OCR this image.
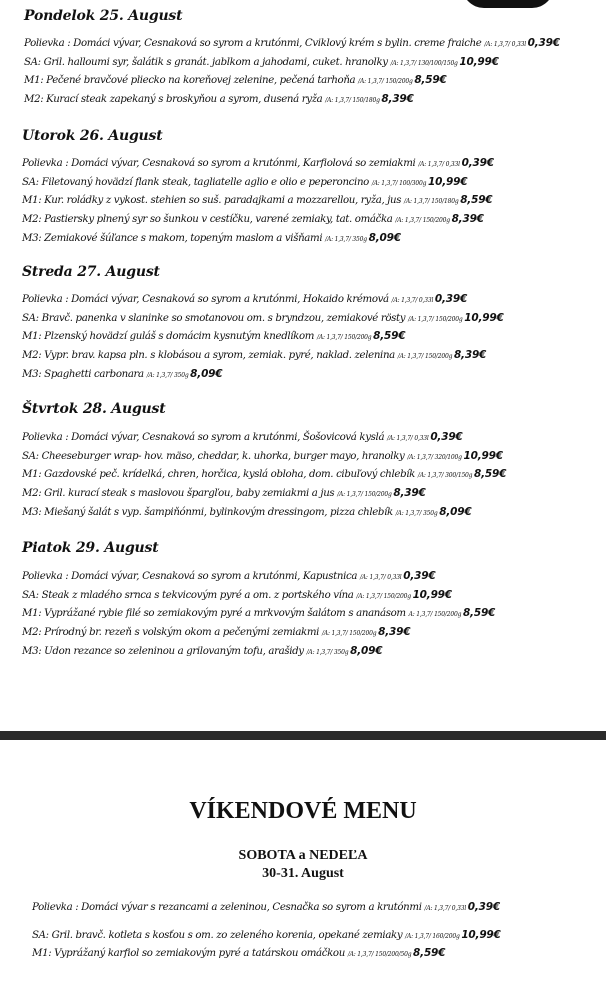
Pondelok 25. August
Polievka : Domáci vývar, Cesnaková so syrom a krutónmi, Cviklový krém s bylin. creme fraiche /A: 1,3,7/ 0,33l 0,39€
SA: Gril. halloumi syr, šalátik s granát. jablkom a jahodami, cuket. hranolky /A: 1,3,7/ 130/100/150g 10,99€
M1: Pečené bravčové pliecko na koreňovej zelenine, pečená tarhoňa /A: 1,3,7/ 150/200g 8,59€
M2: Kurací steak zapekaný s broskyňou a syrom, dusená ryža /A: 1,3,7/ 150/180g 8,39€
Utorok 26. August
Polievka : Domáci vývar, Cesnaková so syrom a krutónmi, Karfiolová so zemiakmi /A: 1,3,7/ 0,33l 0,39€
SA: Filetovaný hovädzí flank steak, tagliatelle aglio e olio e peperoncino /A: 1,3,7/ 100/300g 10,99€
M1: Kur. roládky z vykost. stehien so suš. paradajkami a mozzarellou, ryža, jus /A: 1,3,7/ 150/180g 8,59€
M2: Pastiersky plnený syr so šunkou v cestíčku, varené zemiaky, tat. omáčka /A: 1,3,7/ 150/200g 8,39€
M3: Zemiakové šúľance s makom, topeným maslom a višňami /A: 1,3,7/ 350g 8,09€
Streda 27. August
Polievka : Domáci vývar, Cesnaková so syrom a krutónmi, Hokaido krémová /A: 1,3,7/ 0,33l 0,39€
SA: Bravč. panenka v slaninke so smotanovou om. s bryndzou, zemiakové rösty /A: 1,3,7/ 150/200g 10,99€
M1: Plzenský hovädzí guláš s domácim kysnutým knedlíkom /A: 1,3,7/ 150/200g 8,59€
M2: Vypr. brav. kapsa pln. s klobásou a syrom, zemiak. pyré, naklad. zelenina /A: 1,3,7/ 150/200g 8,39€
M3: Spaghetti carbonara /A: 1,3,7/ 350g 8,09€
Štvrtok 28. August
Polievka : Domáci vývar, Cesnaková so syrom a krutónmi, Šošovicová kyslá /A: 1,3,7/ 0,33l 0,39€
SA: Cheeseburger wrap- hov. mäso, cheddar, k. uhorka, burger mayo, hranolky /A: 1,3,7/ 320/100g 10,99€
M1: Gazdovské peč. krídelká, chren, horčica, kyslá obloha, dom. cibuľový chlebík /A: 1,3,7/ 300/150g 8,59€
M2: Gril. kurací steak s maslovou špargľou, baby zemiakmi a jus /A: 1,3,7/ 150/200g 8,39€
M3: Miešaný šalát s vyp. šampiňónmi, bylinkovým dressingom, pizza chlebík /A: 1,3,7/ 350g 8,09€
Piatok 29. August
Polievka : Domáci vývar, Cesnaková so syrom a krutónmi, Kapustnica /A: 1,3,7/ 0,33l 0,39€
SA: Steak z mladého srnca s tekvicovým pyré a om. z portského vína /A: 1,3,7/ 150/200g 10,99€
M1: Vyprážané rybie filé so zemiakovým pyré a mrkvovým šalátom s ananásom A: 1,3,7/ 150/200g 8,59€
M2: Prírodný br. rezeň s volským okom a pečenými zemiakmi /A: 1,3,7/ 150/200g 8,39€
M3: Udon rezance so zeleninou a grilovaným tofu, arašidy /A: 1,3,7/ 350g 8,09€
VÍKENDOVÉ MENU
SOBOTA a NEDEĽA
30-31. August
Polievka : Domáci vývar s rezancami a zeleninou, Cesnačka so syrom a krutónmi /A: 1,3,7/ 0,33l 0,39€
SA: Gril. bravč. kotleta s kosťou s om. zo zeleného korenia, opekané zemiaky /A: 1,3,7/ 160/200g 10,99€
M1: Vyprážaný karfiol so zemiakovým pyré a tatárskou omáčkou /A: 1,3,7/ 150/200/50g 8,59€
